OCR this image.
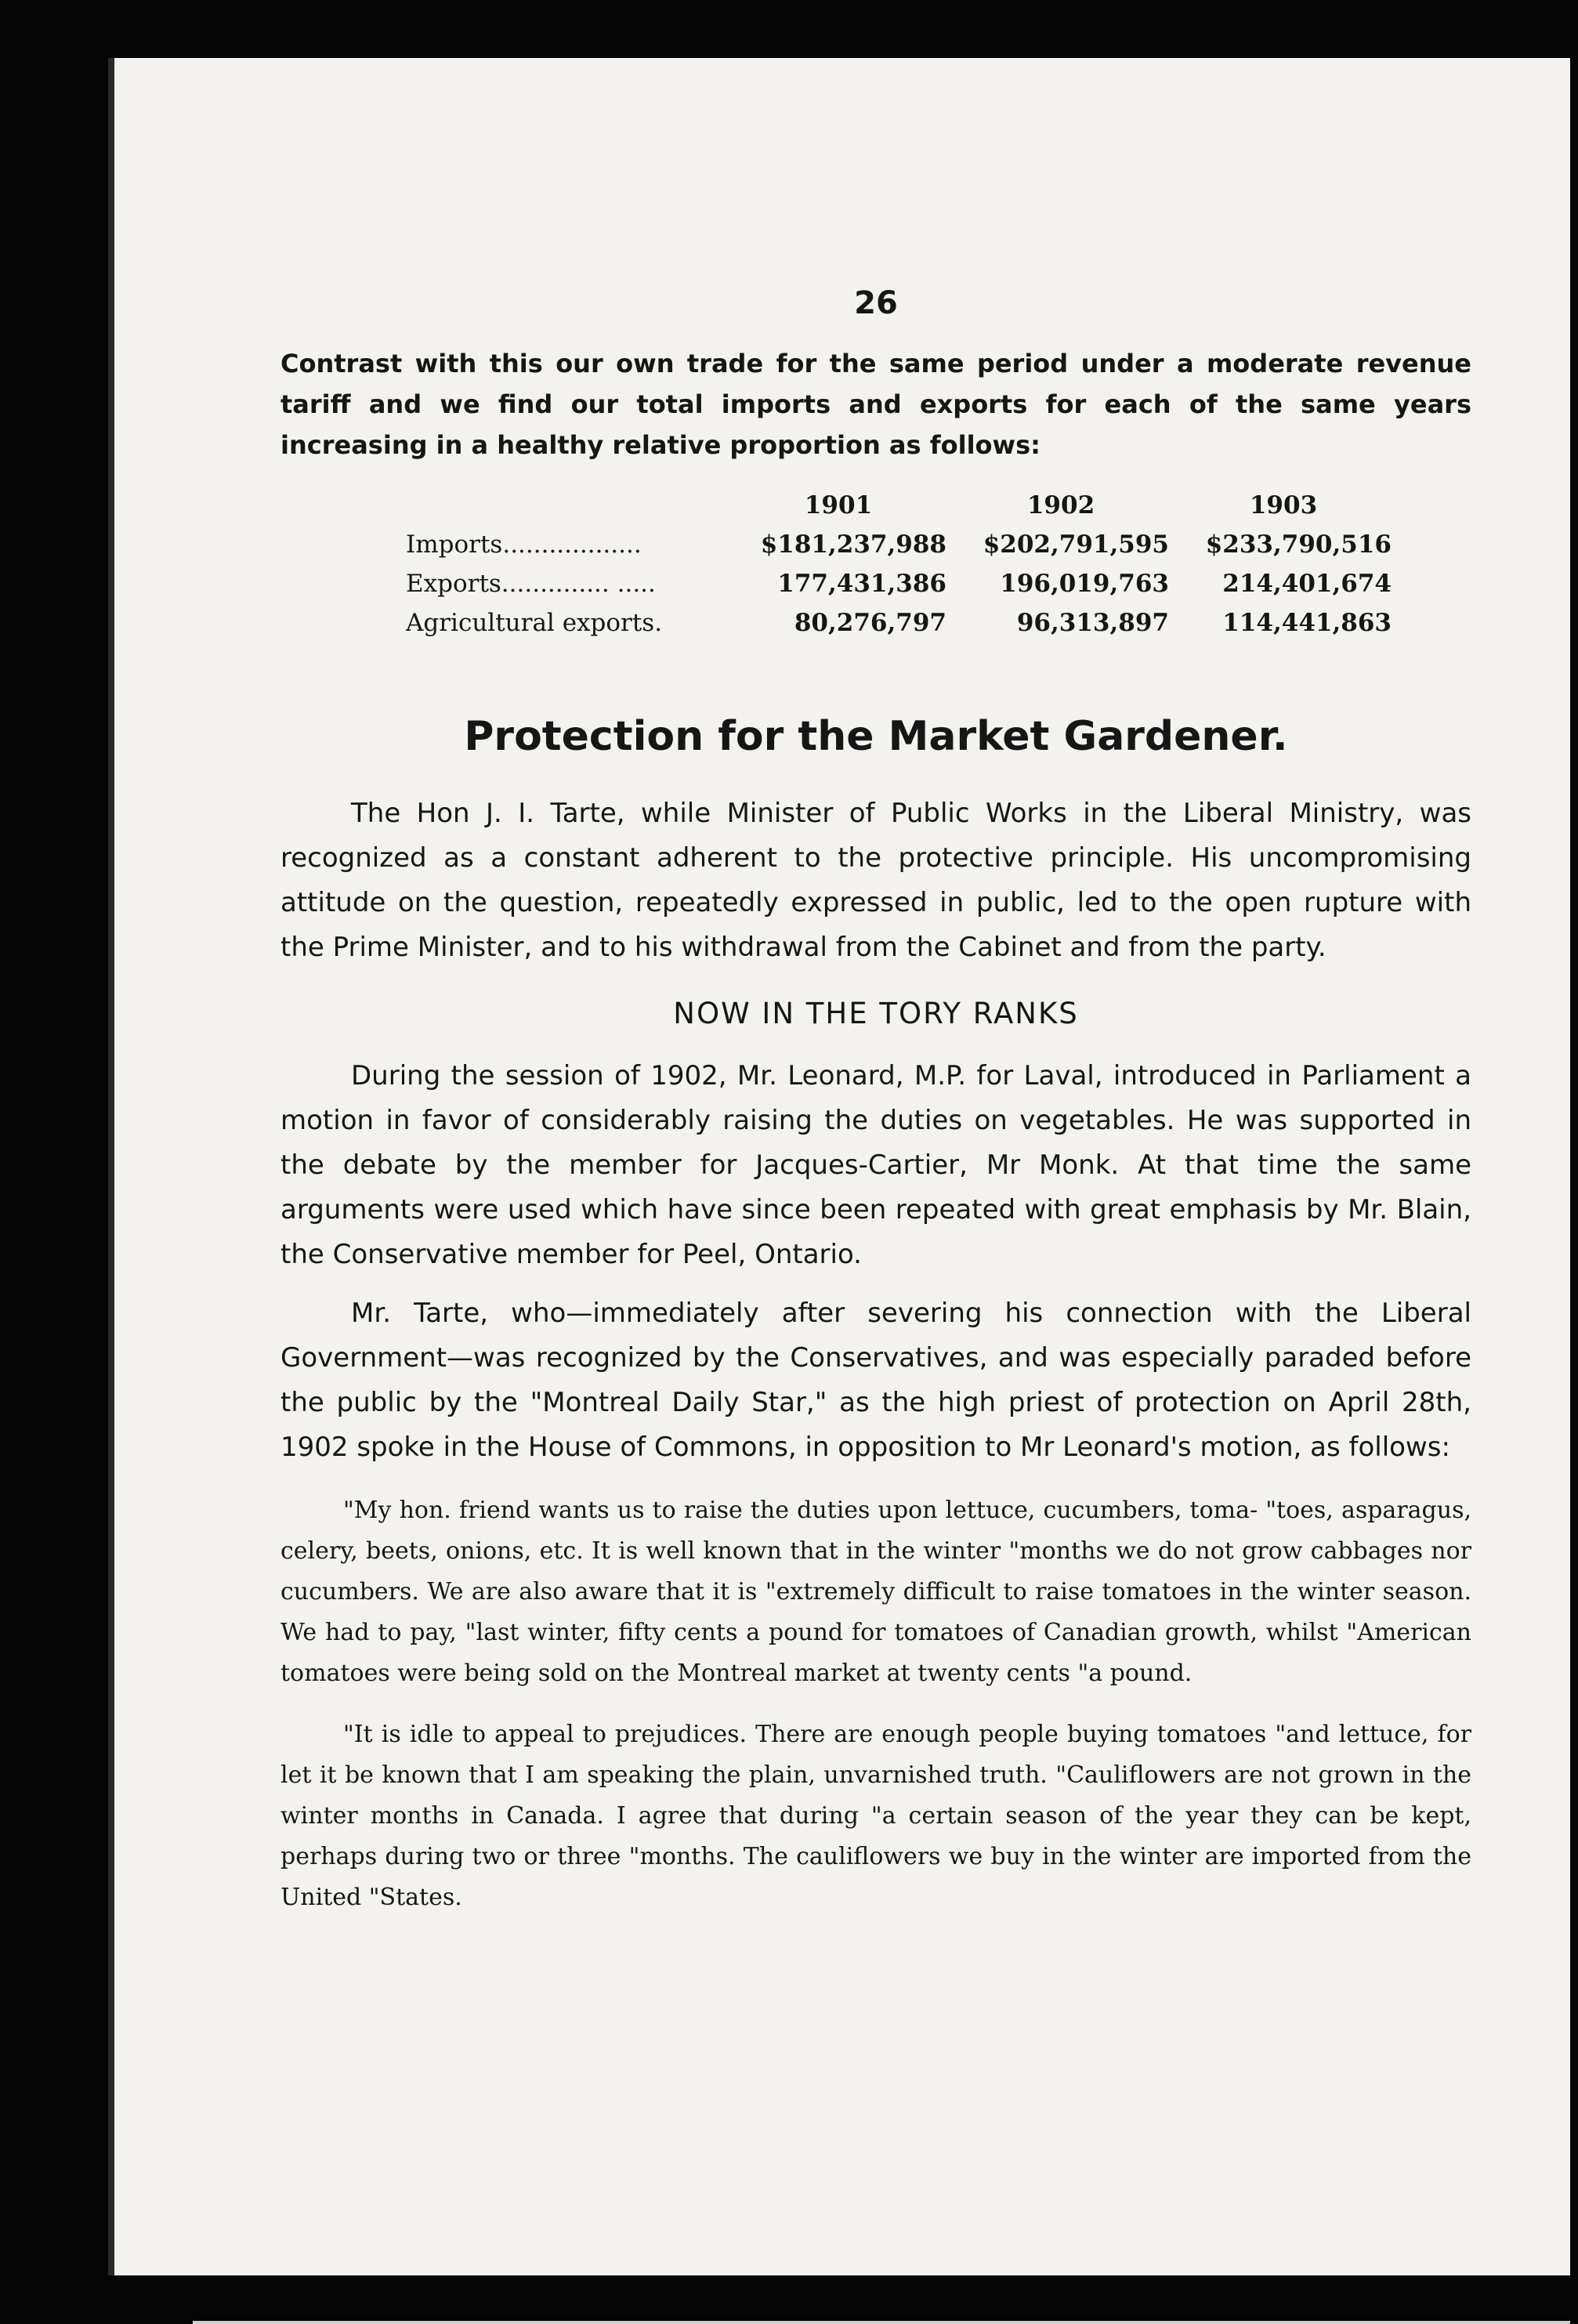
26

Contrast with this our own trade for the same period under a moderate revenue tariff and we find our total imports and exports for each of the same years increasing in a healthy relative proportion as follows:

	1901	1902	1903
Imports..................	$181,237,988	$202,791,595	$233,790,516
Exports.............. .....	177,431,386	196,019,763	214,401,674
Agricultural exports.	80,276,797	96,313,897	114,441,863
Protection for the Market Gardener.

The Hon J. I. Tarte, while Minister of Public Works in the Liberal Ministry, was recognized as a constant adherent to the protective principle. His uncompromising attitude on the question, repeatedly expressed in public, led to the open rupture with the Prime Minister, and to his withdrawal from the Cabinet and from the party.

NOW IN THE TORY RANKS

During the session of 1902, Mr. Leonard, M.P. for Laval, introduced in Parliament a motion in favor of considerably raising the duties on vegetables. He was supported in the debate by the member for Jacques-Cartier, Mr Monk. At that time the same arguments were used which have since been repeated with great emphasis by Mr. Blain, the Conservative member for Peel, Ontario.

Mr. Tarte, who—immediately after severing his connection with the Liberal Government—was recognized by the Conservatives, and was especially paraded before the public by the "Montreal Daily Star," as the high priest of protection on April 28th, 1902 spoke in the House of Commons, in opposition to Mr Leonard's motion, as follows:

"My hon. friend wants us to raise the duties upon lettuce, cucumbers, toma- "toes, asparagus, celery, beets, onions, etc. It is well known that in the winter "months we do not grow cabbages nor cucumbers. We are also aware that it is "extremely difficult to raise tomatoes in the winter season. We had to pay, "last winter, fifty cents a pound for tomatoes of Canadian growth, whilst "American tomatoes were being sold on the Montreal market at twenty cents "a pound.
"It is idle to appeal to prejudices. There are enough people buying tomatoes "and lettuce, for let it be known that I am speaking the plain, unvarnished truth. "Cauliflowers are not grown in the winter months in Canada. I agree that during "a certain season of the year they can be kept, perhaps during two or three "months. The cauliflowers we buy in the winter are imported from the United "States.
